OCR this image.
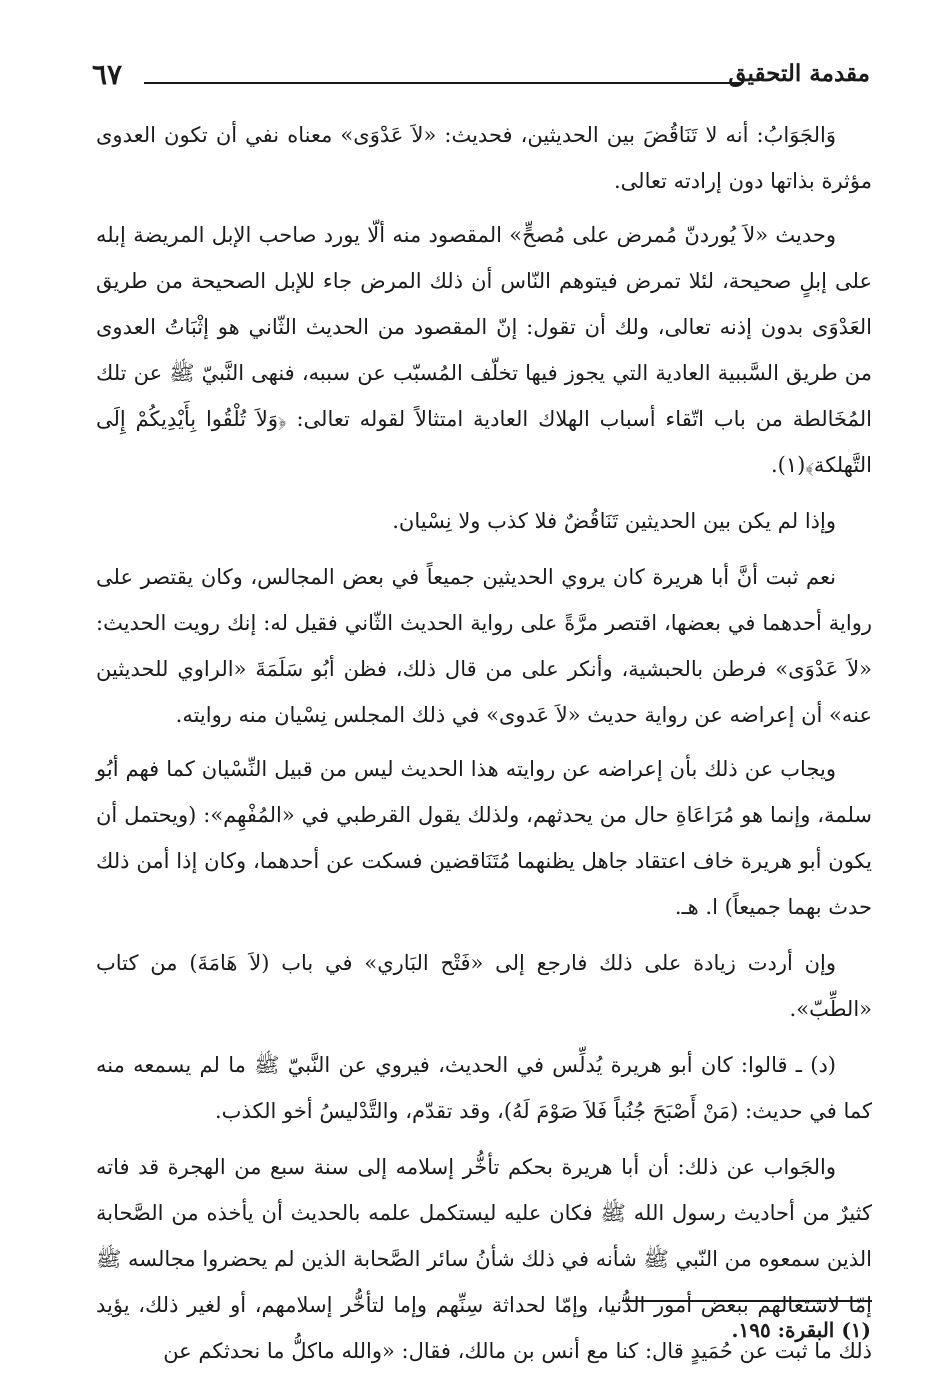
٦٧	مقدمة التحقيق

وَالجَوَابُ: أنه لا تَنَاقُضَ بين الحديثين، فحديث: «لاَ عَدْوَى» معناه نفي أن تكون العدوى مؤثرة بذاتها دون إرادته تعالى.

وحديث «لاَ يُوردنّ مُمرض على مُصحٍّ» المقصود منه ألّا يورد صاحب الإبل المريضة إبله على إبلٍ صحيحة، لئلا تمرض فيتوهم النّاس أن ذلك المرض جاء للإبل الصحيحة من طريق العَدْوَى بدون إذنه تعالى، ولك أن تقول: إنّ المقصود من الحديث الثّاني هو إثْبَاتُ العدوى من طريق السَّببية العادية التي يجوز فيها تخلّف المُسبّب عن سببه، فنهى النَّبيّ ﷺ عن تلك المُخَالطة من باب اتّقاء أسباب الهلاك العادية امتثالاً لقوله تعالى: ﴿وَلاَ تُلْقُوا بِأَيْدِيكُمْ إِلَى التَّهلكة﴾(١).

وإذا لم يكن بين الحديثين تَنَاقُضٌ فلا كذب ولا نِسْيان.

نعم ثبت أنَّ أبا هريرة كان يروي الحديثين جميعاً في بعض المجالس، وكان يقتصر على رواية أحدهما في بعضها، اقتصر مرَّةً على رواية الحديث الثّاني فقيل له: إنك رويت الحديث: «لاَ عَدْوَى» فرطن بالحبشية، وأنكر على من قال ذلك، فظن أبُو سَلَمَةَ «الراوي للحديثين عنه» أن إعراضه عن رواية حديث «لاَ عَدوى» في ذلك المجلس نِسْيان منه روايته.

ويجاب عن ذلك بأن إعراضه عن روايته هذا الحديث ليس من قبيل النِّسْيان كما فهم أبُو سلمة، وإنما هو مُرَاعَاةِ حال من يحدثهم، ولذلك يقول القرطبي في «المُفْهِم»: (ويحتمل أن يكون أبو هريرة خاف اعتقاد جاهل يظنهما مُتَنَاقضين فسكت عن أحدهما، وكان إذا أمن ذلك حدث بهما جميعاً) ا. هـ.

وإن أردت زيادة على ذلك فارجع إلى «فَتْح البَاري» في باب (لاَ هَامَةَ) من كتاب «الطِّبّ».

(د) ـ قالوا: كان أبو هريرة يُدلِّس في الحديث، فيروي عن النَّبيّ ﷺ ما لم يسمعه منه كما في حديث: (مَنْ أَصْبَحَ جُنُباً فَلاَ صَوْمَ لَهُ)، وقد تقدّم، والتَّدْليسُ أخو الكذب.

والجَواب عن ذلك: أن أبا هريرة بحكم تأخُّر إسلامه إلى سنة سبع من الهجرة قد فاته كثيرٌ من أحاديث رسول الله ﷺ فكان عليه ليستكمل علمه بالحديث أن يأخذه من الصَّحابة الذين سمعوه من النّبي ﷺ شأنه في ذلك شأنُ سائر الصَّحابة الذين لم يحضروا مجالسه ﷺ إمّا لاشتغالهم ببعض أمور الدُّنيا، وإمّا لحداثة سِنِّهم وإما لتأخُّر إسلامهم، أو لغير ذلك، يؤيد ذلك ما ثبت عن حُمَيدٍ قال: كنا مع أنس بن مالك، فقال: «والله ماكلُّ ما نحدثكم عن

(١) البقرة: ١٩٥.
